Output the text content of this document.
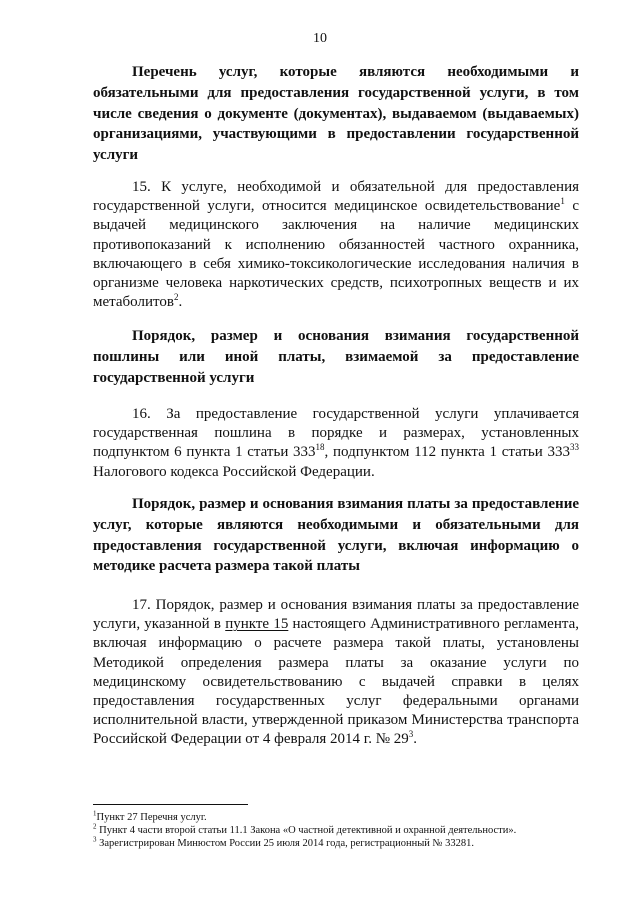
10
Перечень услуг, которые являются необходимыми и
обязательными для предоставления государственной услуги, в том
числе сведения о документе (документах), выдаваемом (выдаваемых)
организациями, участвующими в предоставлении государственной
услуги
15. К услуге, необходимой и обязательной для предоставления
государственной услуги, относится медицинское освидетельствование$^1$ с
выдачей медицинского заключения на наличие медицинских
противопоказаний к исполнению обязанностей частного охранника,
включающего в себя химико-токсикологические исследования наличия в
организме человека наркотических средств, психотропных веществ и их
метаболитов$^2$.
Порядок, размер и основания взимания государственной
пошлины или иной платы, взимаемой за предоставление
государственной услуги
16. За предоставление государственной услуги уплачивается
государственная пошлина в порядке и размерах, установленных
подпунктом 6 пункта 1 статьи $333^{18}$, подпунктом 112 пункта 1 статьи $333^{33}$
Налогового кодекса Российской Федерации.
Порядок, размер и основания взимания платы за предоставление
услуг, которые являются необходимыми и обязательными для
предоставления государственной услуги, включая информацию о
методике расчета размера такой платы
17. Порядок, размер и основания взимания платы за предоставление
услуги, указанной в пункте 15 настоящего Административного регламента,
включая информацию о расчете размера такой платы, установлены
Методикой определения размера платы за оказание услуги по
медицинскому освидетельствованию с выдачей справки в целях
предоставления государственных услуг федеральными органами
исполнительной власти, утвержденной приказом Министерства транспорта
Российской Федерации от 4 февраля 2014 г. № $29^3$.
$^1$Пункт 27 Перечня услуг.
$^2$ Пункт 4 части второй статьи 11.1 Закона «О частной детективной и охранной деятельности».
$^3$ Зарегистрирован Минюстом России 25 июля 2014 года, регистрационный № 33281.
